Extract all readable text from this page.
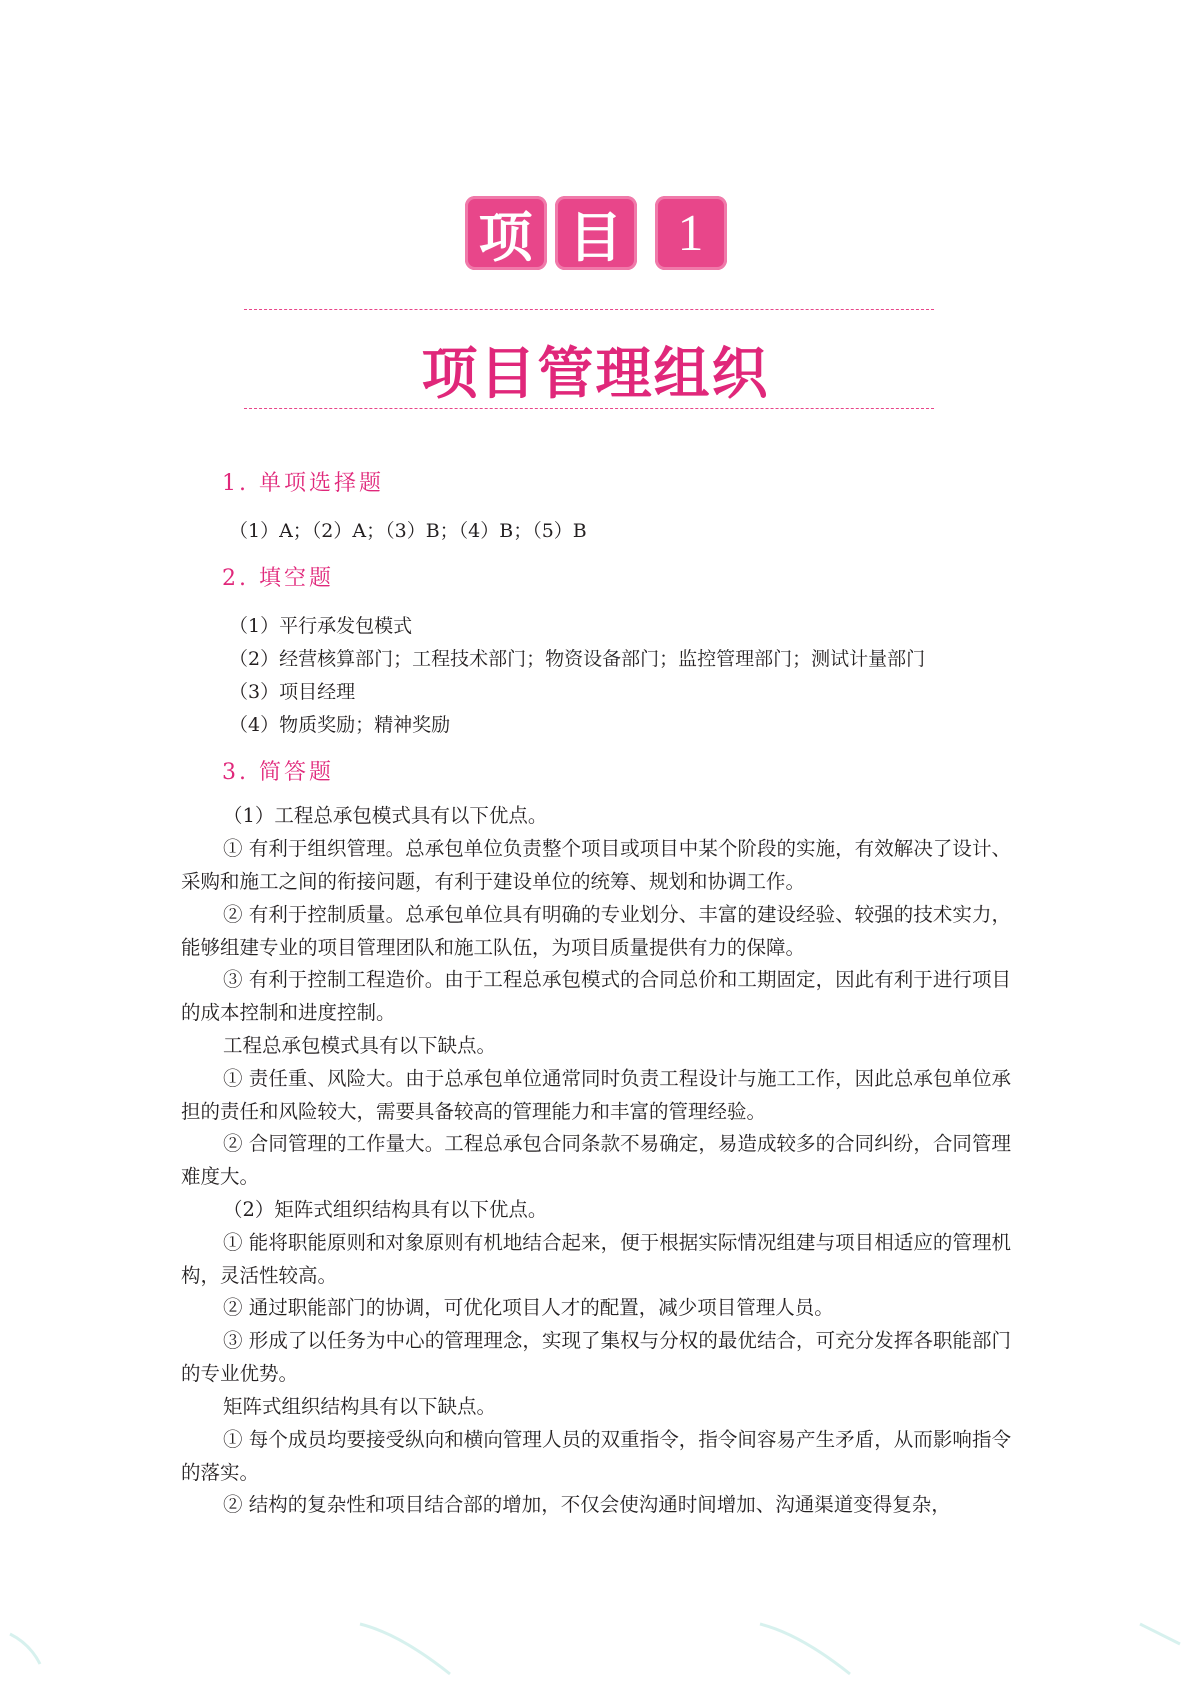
项 目	1
项目管理组织
1. 单项选择题
（1）A；（2）A；（3）B；（4）B；（5）B
2. 填空题
（1）平行承发包模式
（2）经营核算部门；工程技术部门；物资设备部门；监控管理部门；测试计量部门
（3）项目经理
（4）物质奖励；精神奖励
3. 简答题

（1）工程总承包模式具有以下优点。

① 有利于组织管理。总承包单位负责整个项目或项目中某个阶段的实施，有效解决了设计、采购和施工之间的衔接问题，有利于建设单位的统筹、规划和协调工作。

② 有利于控制质量。总承包单位具有明确的专业划分、丰富的建设经验、较强的技术实力，能够组建专业的项目管理团队和施工队伍，为项目质量提供有力的保障。

③ 有利于控制工程造价。由于工程总承包模式的合同总价和工期固定，因此有利于进行项目的成本控制和进度控制。

工程总承包模式具有以下缺点。

① 责任重、风险大。由于总承包单位通常同时负责工程设计与施工工作，因此总承包单位承担的责任和风险较大，需要具备较高的管理能力和丰富的管理经验。

② 合同管理的工作量大。工程总承包合同条款不易确定，易造成较多的合同纠纷，合同管理难度大。

（2）矩阵式组织结构具有以下优点。

① 能将职能原则和对象原则有机地结合起来，便于根据实际情况组建与项目相适应的管理机构，灵活性较高。

② 通过职能部门的协调，可优化项目人才的配置，减少项目管理人员。

③ 形成了以任务为中心的管理理念，实现了集权与分权的最优结合，可充分发挥各职能部门的专业优势。

矩阵式组织结构具有以下缺点。

① 每个成员均要接受纵向和横向管理人员的双重指令，指令间容易产生矛盾，从而影响指令的落实。

② 结构的复杂性和项目结合部的增加，不仅会使沟通时间增加、沟通渠道变得复杂，
